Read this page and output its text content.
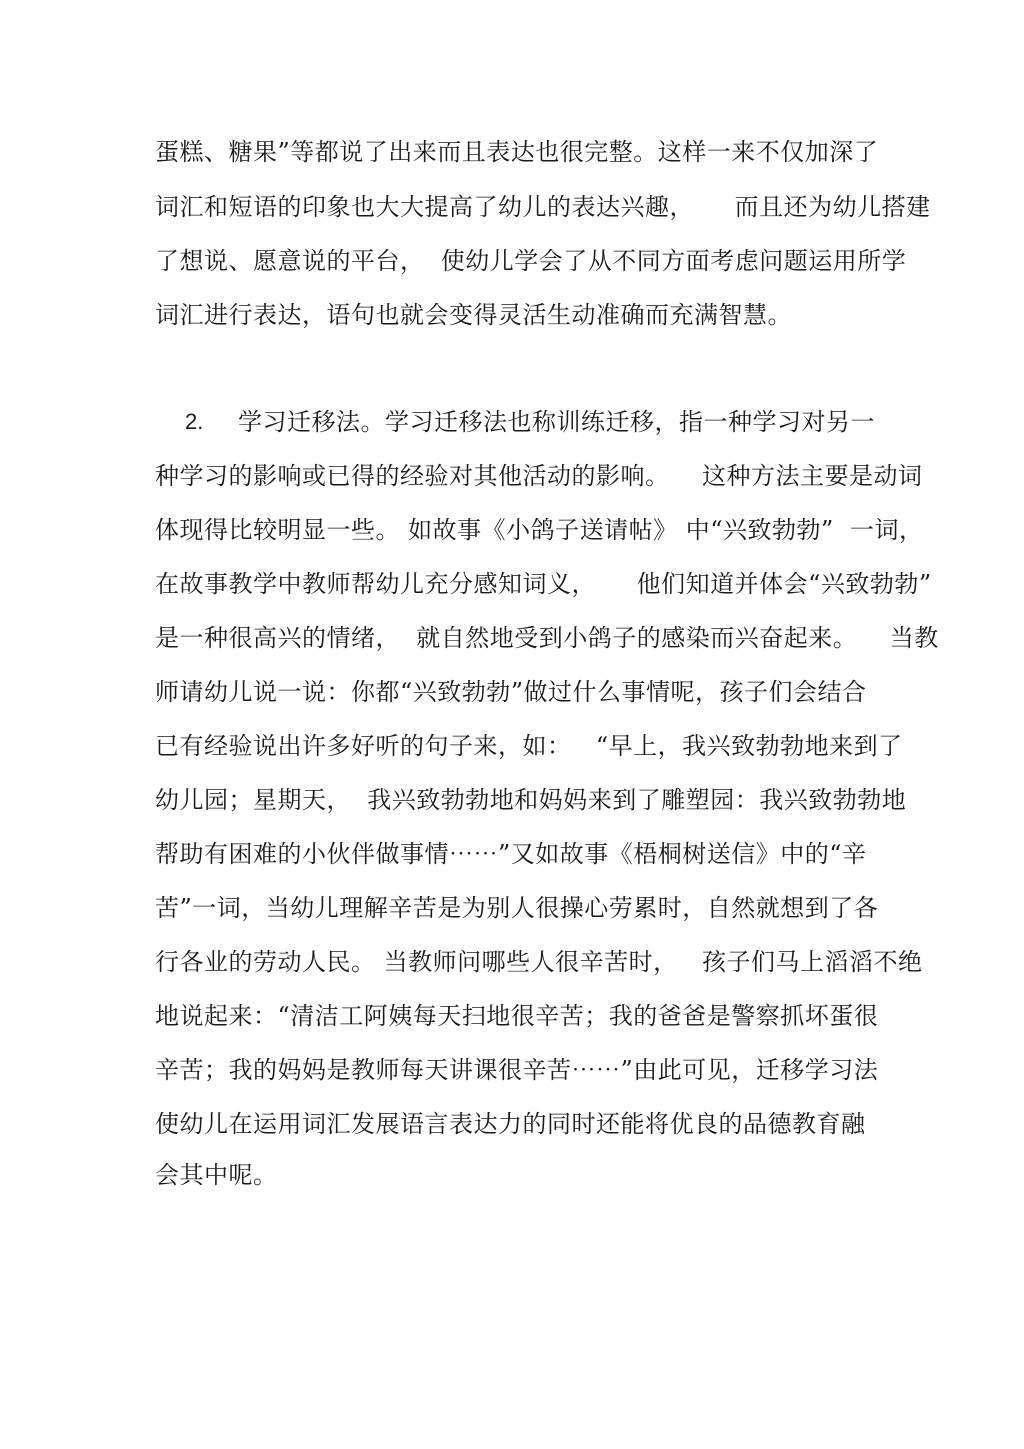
蛋糕、糖果”等都说了出来而且表达也很完整。这样一来不仅加深了
词汇和短语的印象也大大提高了幼儿的表达兴趣，     而且还为幼儿搭建
了想说、愿意说的平台，  使幼儿学会了从不同方面考虑问题运用所学
词汇进行表达，语句也就会变得灵活生动准确而充满智慧。
2. 学习迁移法。学习迁移法也称训练迁移，指一种学习对另一
种学习的影响或已得的经验对其他活动的影响。    这种方法主要是动词
体现得比较明显一些。 如故事《小鸽子送请帖》 中“兴致勃勃”  一词，
在故事教学中教师帮幼儿充分感知词义，     他们知道并体会“兴致勃勃”
是一种很高兴的情绪，  就自然地受到小鸽子的感染而兴奋起来。    当教
师请幼儿说一说：你都“兴致勃勃”做过什么事情呢，孩子们会结合
已有经验说出许多好听的句子来，如：   “早上，我兴致勃勃地来到了
幼儿园；星期天，  我兴致勃勃地和妈妈来到了雕塑园：我兴致勃勃地
帮助有困难的小伙伴做事情⋯⋯”又如故事《梧桐树送信》中的“辛
苦”一词，当幼儿理解辛苦是为别人很操心劳累时，自然就想到了各
行各业的劳动人民。 当教师问哪些人很辛苦时，   孩子们马上滔滔不绝
地说起来：“清洁工阿姨每天扫地很辛苦；我的爸爸是警察抓坏蛋很
辛苦；我的妈妈是教师每天讲课很辛苦⋯⋯”由此可见，迁移学习法
使幼儿在运用词汇发展语言表达力的同时还能将优良的品德教育融
会其中呢。
